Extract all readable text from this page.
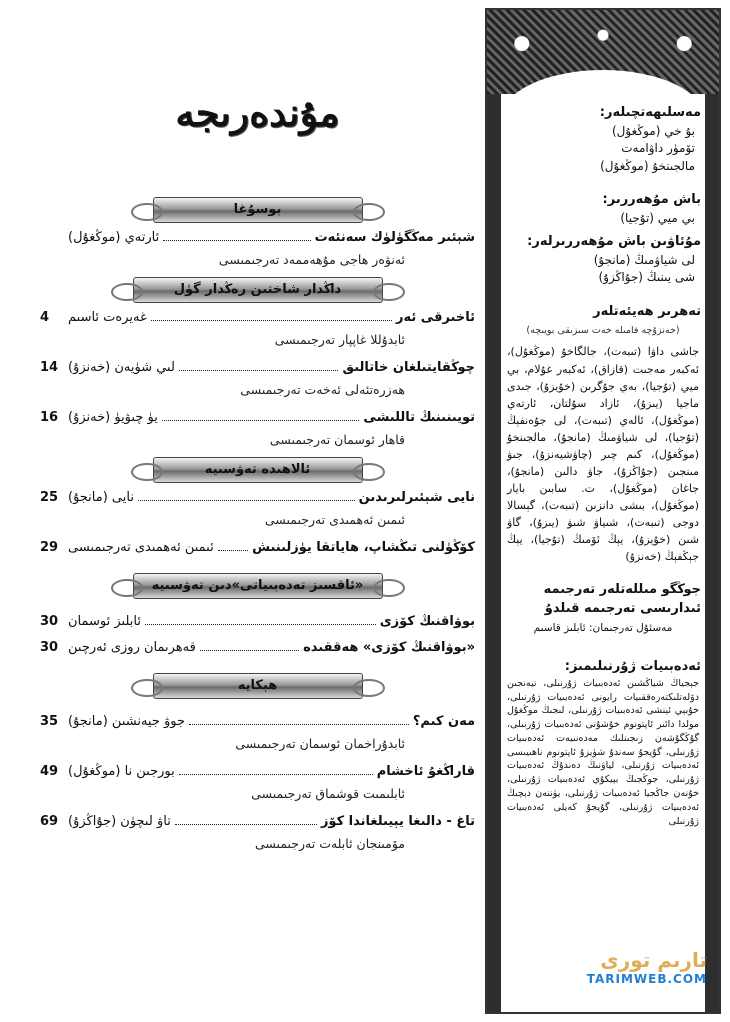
مەسلىھەتچىلەر:
بۇ خي (موڭغۇل)
تۆمۈر داۋامەت
مالجىنخۇ (موڭغۇل)
باش مۇھەررىر:
بي ميي (تۇجيا)
مۇئاۋىن باش مۇھەررىرلەر:
لى شياۋمىڭ (مانجۇ)
شى يىنىڭ (جۇاڭزۇ)
تەھرىر ھەيئەتلەر
(خەنزۇچە فامىلە خەت سىزىقى بويىچە)
جاشى داۋا (تىبەت)، جالگاخۇ (موڭغۇل)، ئەكبەر مەجىت (قازاق)، ئەكبەر غۇلام، بي ميي (تۇجيا)، بەي جۇگرىن (خۇيزۇ)، جىدى ماجيا (يىزۇ)، ئازاد سۇلتان، ئارتەي (موڭغۇل)، ئالەي (تىبەت)، لى جۇەنفېڭ (تۇجيا)، لى شياۋمىڭ (مانجۇ)، مالجىنخۇ (موڭغۇل)، كىم چىر (چاۋشيەنزۇ)، جىۋ مىنجىن (جۇاڭزۇ)، جاۋ دالىن (مانجۇ)، جاغان (موڭغۇل)، ت. سابىن بايار (موڭغۇل)، بىشى دانزىن (تىبەت)، گېسالا دوجى (تىبەت)، شىياۋ شىۋ (يىزۇ)، گاۋ شىن (خۇيزۇ)، يېڭ ئۆمىڭ (تۇجيا)، يېڭ جېڭفېڭ (خەنزۇ)
جوڭگو مىللەتلەر تەرجىمە ئىدارىسى تەرجىمە قىلدۇ
مەسئۇل تەرجىمان: ئابلىز قاسىم
ئەدەبىيات ژۇرنىلىمىز:
جېجياڭ شياڭشىن ئەدەبىيات ژۇرنىلى، تيەنجىن دۆلەتلىكتەرەققىيات رايونى ئەدەبىيات ژۇرنىلى، خۇبېي ئېنشى ئەدەبىيات ژۇرنىلى، لىجىڭ موڭغۇل مولدا دائىر ئاپتونوم خۇشۇنى ئەدەبىيات ژۇرنىلى، گۇڭگۇشەن زىجىنلىك مەدەنىيەت ئەدەبىيات ژۇرنىلى، گۇيجۇ سەندۇ شۈيزۇ ئاپتونوم ناھىيىسى ئەدەبىيات ژۇرنىلى، لياۋنىڭ دەندۇڭ ئەدەبىيات ژۇرنىلى، جوڭجىڭ بېيكۇي ئەدەبىيات ژۇرنىلى، خۇنەن جاڭجيا ئەدەبىيات ژۇرنىلى، يۈننەن دېچىڭ ئەدەبىيات ژۇرنىلى، گۇيجۇ كەيلى ئەدەبىيات ژۇرنىلى
تارىم تورى
TARIMWEB.COM
مۇندەرىجە
بوسۇغا
شېئىر مەڭگۈلۈك سەنئەت
ئارتەي (موڭغۇل)
ئەنۋەر ھاجى مۇھەممەد تەرجىمىسى
داڭدار شاختىن رەڭدار گۈل
ئاخىرقى ئەر
غەيرەت ئاسىم
4
ئابدۇللا غاپپار تەرجىمىسى
چوڭقايتىلغان خاتالىق
لىي شۈيەن (خەنزۇ)
14
ھەزرەتئەلى ئەخەت تەرجىمىسى
تويىنىنىڭ تاللىشى
يۈ چىۋيۈ (خەنزۇ)
16
قاھار ئوسمان تەرجىمىسى
ئالاھىدە تەۋسىيە
نايى شېئىرلىرىدىن
نايى (مانجۇ)
25
ئىمىن ئەھمىدى تەرجىمىسى
كۆڭۈلنى تىڭشاپ، ھاياتقا يۈزلىنىش
ئىمىن ئەھمىدى تەرجىمىسى
29
«ئاقسىز تەدەبىياتى»دىن تەۋسىيە
بوۋاقنىڭ كۆزى
ئابلىز ئوسمان
30
«بوۋاقنىڭ كۆزى» ھەققىدە
قەھرىمان روزى ئەرچىن
30
ھېكايە
مەن كىم؟
جوۋ جيەنشىن (مانجۇ)
35
ئابدۇراخمان ئوسمان تەرجىمىسى
قاراڭغۇ ئاخشام
بورجىن نا (موڭغۇل)
49
ئابلىمىت قوشماق تەرجىمىسى
تاغ - دالىغا يېيىلغاندا كۆز
تاۋ لىچۈن (جۇاڭزۇ)
69
مۆمىنجان ئابلەت تەرجىمىسى
